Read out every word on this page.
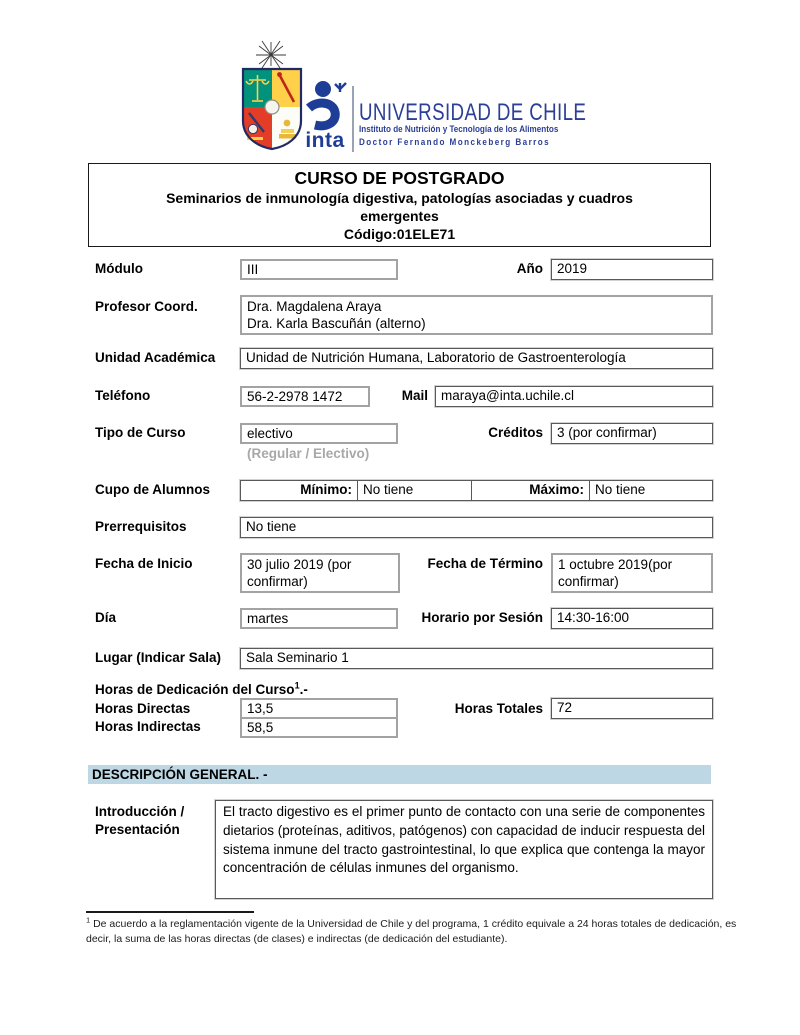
inta
UNIVERSIDAD DE CHILE
Instituto de Nutrición y Tecnología de los Alimentos
Doctor Fernando Monckeberg Barros
CURSO DE POSTGRADO
Seminarios de inmunología digestiva, patologías asociadas y cuadros emergentes
Código:01ELE71
Módulo	III	Año	2019
Profesor Coord.	Dra. Magdalena Araya
Dra. Karla Bascuñán (alterno)
Unidad Académica	Unidad de Nutrición Humana, Laboratorio de Gastroenterología
Teléfono	56-2-2978 1472	Mail maraya@inta.uchile.cl
Tipo de Curso	electivo
(Regular / Electivo)
Créditos	3 (por confirmar)
Cupo de Alumnos	Mínimo: No tiene	Máximo: No tiene
Prerrequisitos	No tiene
Fecha de Inicio	30 julio 2019 (por confirmar)
Fecha de Término	1 octubre 2019(por confirmar)
Día	martes	Horario por Sesión	14:30-16:00
Lugar (Indicar Sala)	Sala Seminario 1
Horas de Dedicación del Curso$^1$.-
Horas Directas	13,5	Horas Totales	72
Horas Indirectas	58,5
DESCRIPCIÓN GENERAL. -
Introducción /
Presentación
El tracto digestivo es el primer punto de contacto con una serie de componentes dietarios (proteínas, aditivos, patógenos) con capacidad de inducir respuesta del sistema inmune del tracto gastrointestinal, lo que explica que contenga la mayor concentración de células inmunes del organismo.
$^1$ De acuerdo a la reglamentación vigente de la Universidad de Chile y del programa, 1 crédito equivale a 24 horas totales de dedicación, es decir, la suma de las horas directas (de clases) e indirectas (de dedicación del estudiante).
